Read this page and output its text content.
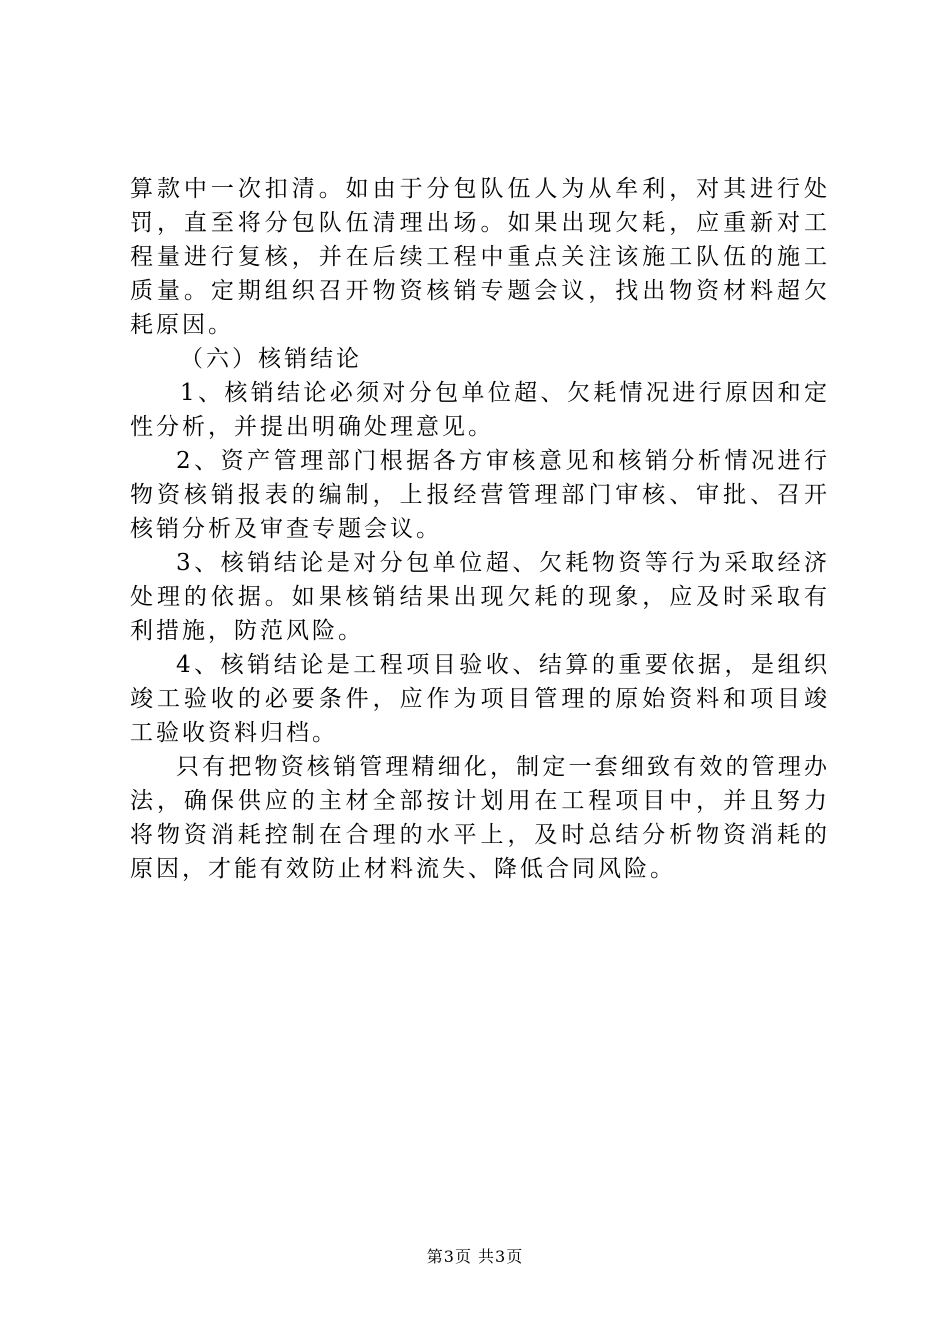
算款中一次扣清。如由于分包队伍人为从牟利，对其进行处罚，直至将分包队伍清理出场。如果出现欠耗，应重新对工程量进行复核，并在后续工程中重点关注该施工队伍的施工质量。定期组织召开物资核销专题会议，找出物资材料超欠耗原因。

（六）核销结论

1、核销结论必须对分包单位超、欠耗情况进行原因和定性分析，并提出明确处理意见。

2、资产管理部门根据各方审核意见和核销分析情况进行物资核销报表的编制，上报经营管理部门审核、审批、召开核销分析及审查专题会议。

3、核销结论是对分包单位超、欠耗物资等行为采取经济处理的依据。如果核销结果出现欠耗的现象，应及时采取有利措施，防范风险。

4、核销结论是工程项目验收、结算的重要依据，是组织竣工验收的必要条件，应作为项目管理的原始资料和项目竣工验收资料归档。

只有把物资核销管理精细化，制定一套细致有效的管理办法，确保供应的主材全部按计划用在工程项目中，并且努力将物资消耗控制在合理的水平上，及时总结分析物资消耗的原因，才能有效防止材料流失、降低合同风险。

第3页 共3页
